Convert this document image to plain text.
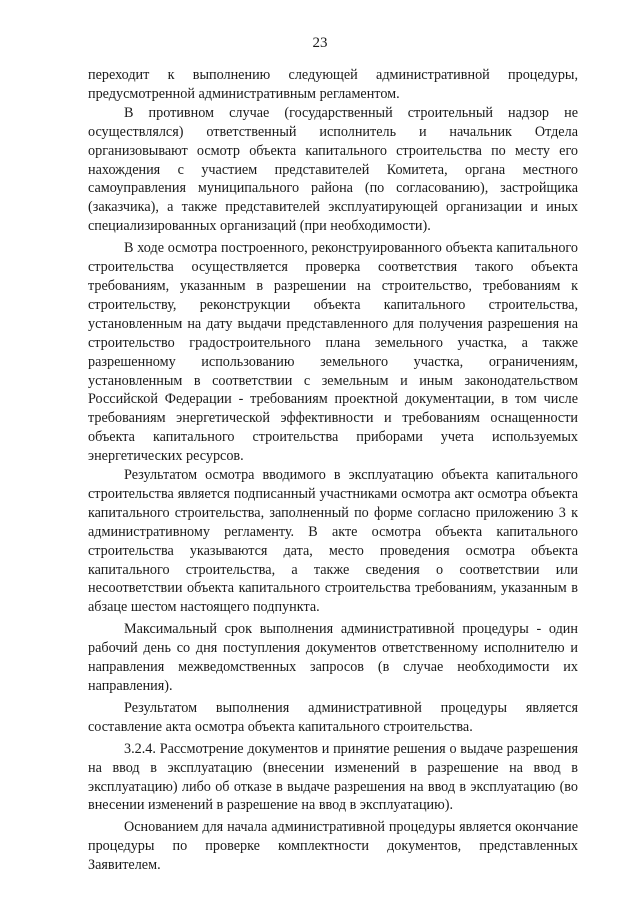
23

переходит к выполнению следующей административной процедуры, предусмотренной административным регламентом.

В противном случае (государственный строительный надзор не осуществлялся) ответственный исполнитель и начальник Отдела организовывают осмотр объекта капитального строительства по месту его нахождения с участием представителей Комитета, органа местного самоуправления муниципального района (по согласованию), застройщика (заказчика), а также представителей эксплуатирующей организации и иных специализированных организаций (при необходимости).

В ходе осмотра построенного, реконструированного объекта капитального строительства осуществляется проверка соответствия такого объекта требованиям, указанным в разрешении на строительство, требованиям к строительству, реконструкции объекта капитального строительства, установленным на дату выдачи представленного для получения разрешения на строительство градостроительного плана земельного участка, а также разрешенному использованию земельного участка, ограничениям, установленным в соответствии с земельным и иным законодательством Российской Федерации - требованиям проектной документации, в том числе требованиям энергетической эффективности и требованиям оснащенности объекта капитального строительства приборами учета используемых энергетических ресурсов.

Результатом осмотра вводимого в эксплуатацию объекта капитального строительства является подписанный участниками осмотра акт осмотра объекта капитального строительства, заполненный по форме согласно приложению 3 к административному регламенту. В акте осмотра объекта капитального строительства указываются дата, место проведения осмотра объекта капитального строительства, а также сведения о соответствии или несоответствии объекта капитального строительства требованиям, указанным в абзаце шестом настоящего подпункта.

Максимальный срок выполнения административной процедуры - один рабочий день со дня поступления документов ответственному исполнителю и направления межведомственных запросов (в случае необходимости их направления).

Результатом выполнения административной процедуры является составление акта осмотра объекта капитального строительства.

3.2.4. Рассмотрение документов и принятие решения о выдаче разрешения на ввод в эксплуатацию (внесении изменений в разрешение на ввод в эксплуатацию) либо об отказе в выдаче разрешения на ввод в эксплуатацию (во внесении изменений в разрешение на ввод в эксплуатацию).

Основанием для начала административной процедуры является окончание процедуры по проверке комплектности документов, представленных Заявителем.
